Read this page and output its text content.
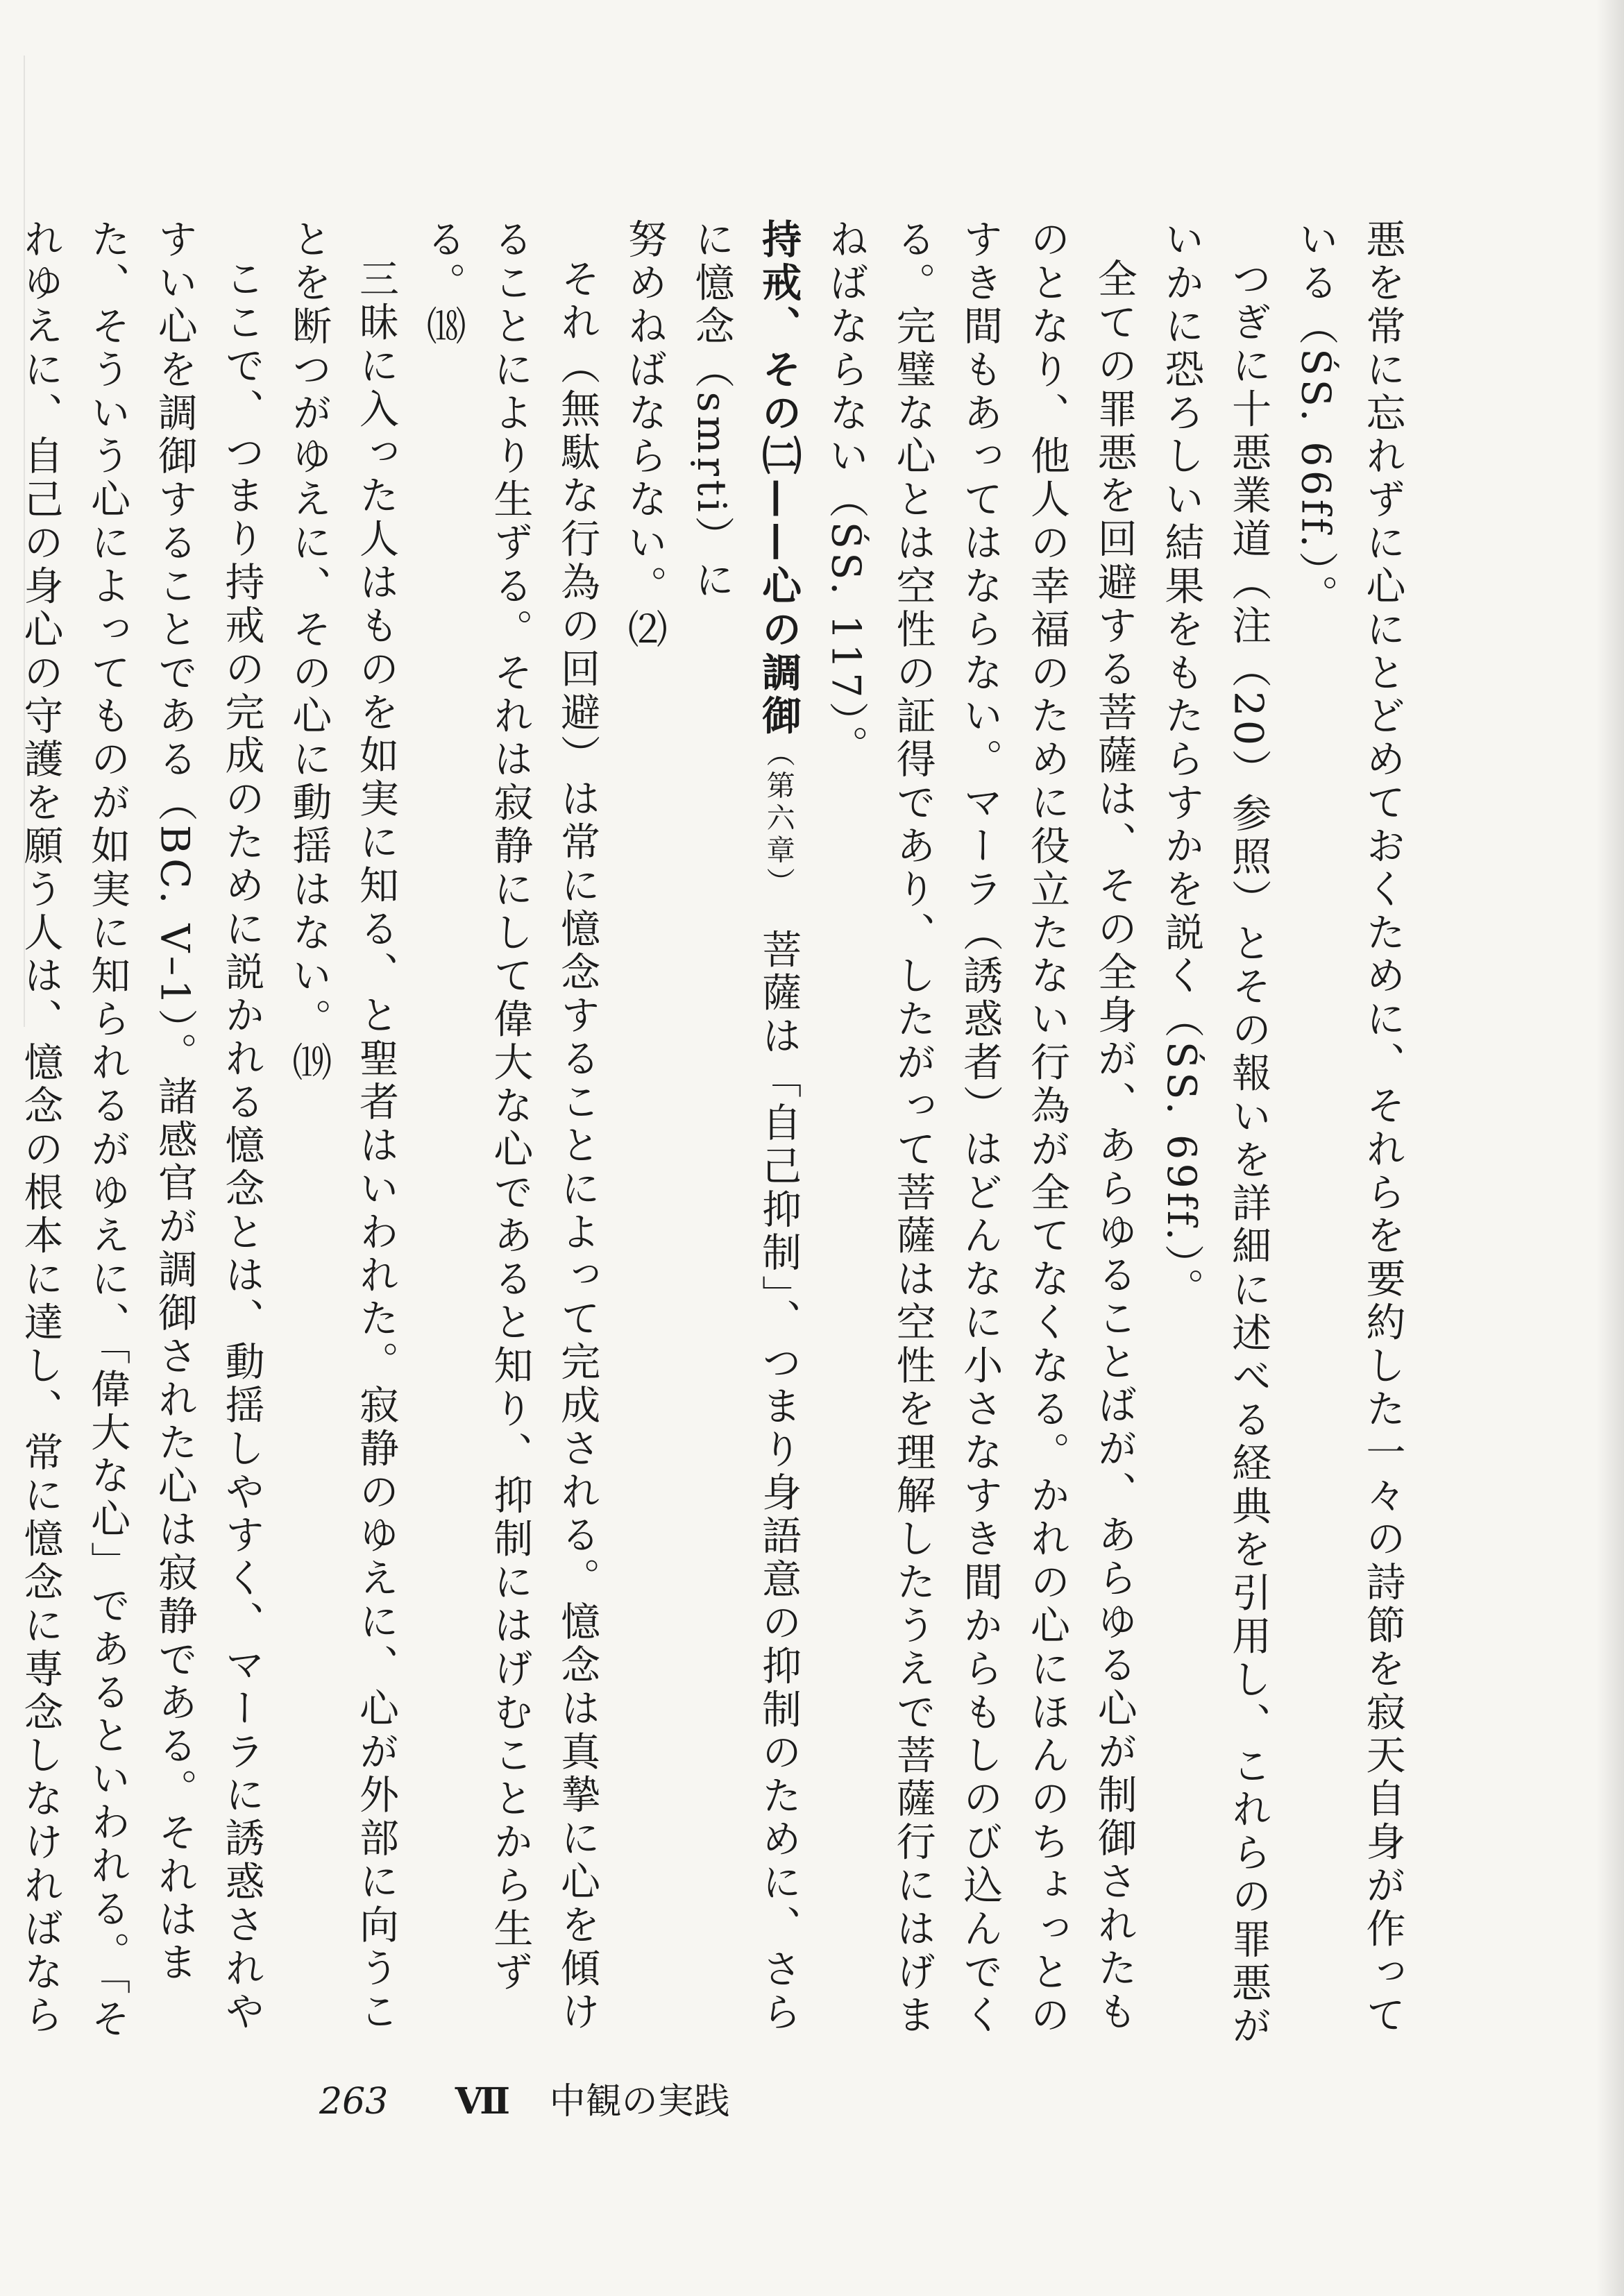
悪を常に忘れずに心にとどめておくために、それらを要約した一々の詩節を寂天自身が作っている（ŚS. 66ff.）。

つぎに十悪業道（注（20）参照）とその報いを詳細に述べる経典を引用し、これらの罪悪がいかに恐ろしい結果をもたらすかを説く（ŚS. 69ff.）。

全ての罪悪を回避する菩薩は、その全身が、あらゆることばが、あらゆる心が制御されたものとなり、他人の幸福のために役立たない行為が全てなくなる。かれの心にほんのちょっとのすき間もあってはならない。マーラ（誘惑者）はどんなに小さなすき間からもしのび込んでくる。完璧な心とは空性の証得であり、したがって菩薩は空性を理解したうえで菩薩行にはげまねばならない（ŚS. 117）。

持戒、その㈡——心の調御（第六章）　菩薩は「自己抑制」、つまり身語意の抑制のために、さらに憶念（smṛti）に

努めねばならない。⑵

それ（無駄な行為の回避）は常に憶念することによって完成される。憶念は真摯に心を傾けることにより生ずる。それは寂静にして偉大な心であると知り、抑制にはげむことから生ずる。⒅

三昧に入った人はものを如実に知る、と聖者はいわれた。寂静のゆえに、心が外部に向うことを断つがゆえに、その心に動揺はない。⒆

ここで、つまり持戒の完成のために説かれる憶念とは、動揺しやすく、マーラに誘惑されやすい心を調御することである（BC. V–1）。諸感官が調御された心は寂静である。それはまた、そういう心によってものが如実に知られるがゆえに、「偉大な心」であるといわれる。「それゆえに、自己の身心の守護を願う人は、憶念の根本に達し、常に憶念に専念しなければなら

263 Ⅶ 中観の実践
